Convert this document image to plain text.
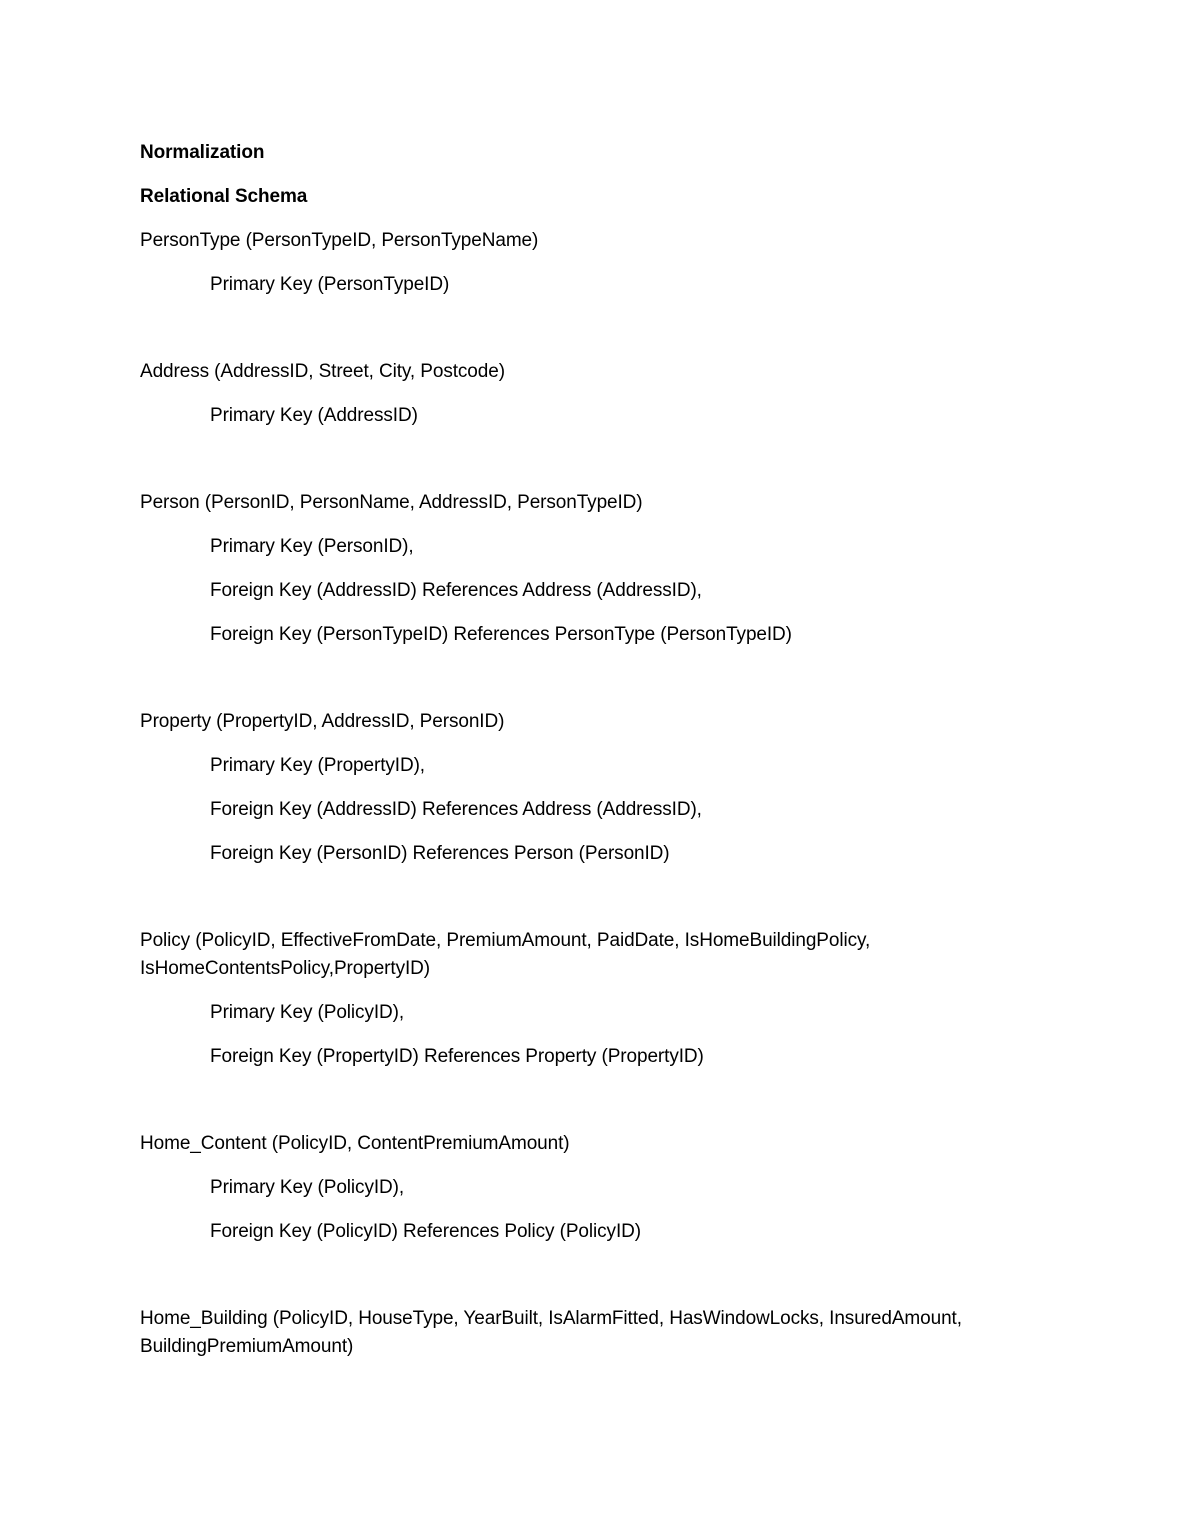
Normalization
Relational Schema
PersonType (PersonTypeID, PersonTypeName)
Primary Key (PersonTypeID)
Address (AddressID, Street, City, Postcode)
Primary Key (AddressID)
Person (PersonID, PersonName, AddressID, PersonTypeID)
Primary Key (PersonID),
Foreign Key (AddressID) References Address (AddressID),
Foreign Key (PersonTypeID) References PersonType (PersonTypeID)
Property (PropertyID, AddressID, PersonID)
Primary Key (PropertyID),
Foreign Key (AddressID) References Address (AddressID),
Foreign Key (PersonID) References Person (PersonID)
Policy (PolicyID, EffectiveFromDate, PremiumAmount, PaidDate, IsHomeBuildingPolicy,
IsHomeContentsPolicy,PropertyID)
Primary Key (PolicyID),
Foreign Key (PropertyID) References Property (PropertyID)
Home_Content (PolicyID, ContentPremiumAmount)
Primary Key (PolicyID),
Foreign Key (PolicyID) References Policy (PolicyID)
Home_Building (PolicyID, HouseType, YearBuilt, IsAlarmFitted, HasWindowLocks, InsuredAmount,
BuildingPremiumAmount)
